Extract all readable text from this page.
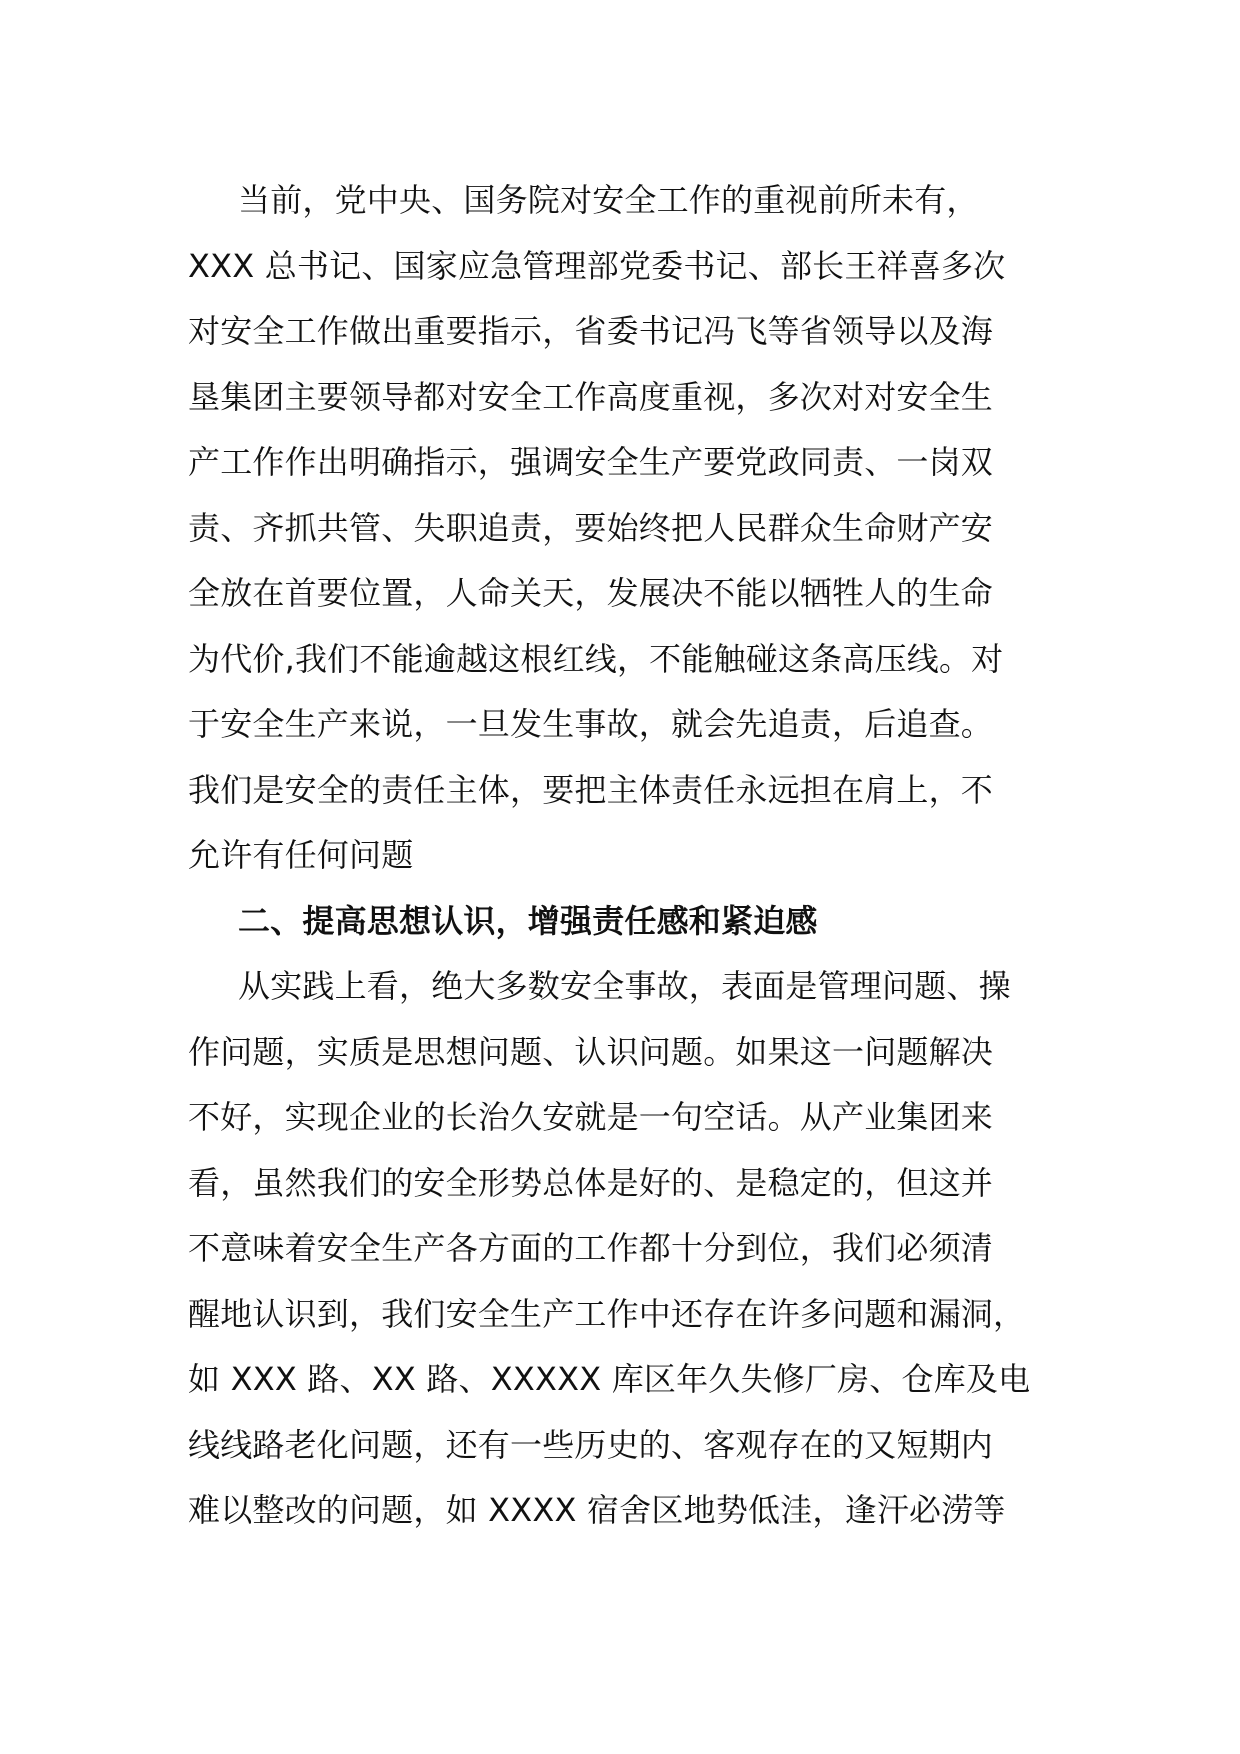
当前，党中央、国务院对安全工作的重视前所未有，
XXX 总书记、国家应急管理部党委书记、部长王祥喜多次
对安全工作做出重要指示，省委书记冯飞等省领导以及海
垦集团主要领导都对安全工作高度重视，多次对对安全生
产工作作出明确指示，强调安全生产要党政同责、一岗双
责、齐抓共管、失职追责，要始终把人民群众生命财产安
全放在首要位置，人命关天，发展决不能以牺牲人的生命
为代价,我们不能逾越这根红线，不能触碰这条高压线。对
于安全生产来说，一旦发生事故，就会先追责，后追查。
我们是安全的责任主体，要把主体责任永远担在肩上，不
允许有任何问题
二、提高思想认识，增强责任感和紧迫感
从实践上看，绝大多数安全事故，表面是管理问题、操
作问题，实质是思想问题、认识问题。如果这一问题解决
不好，实现企业的长治久安就是一句空话。从产业集团来
看，虽然我们的安全形势总体是好的、是稳定的，但这并
不意味着安全生产各方面的工作都十分到位，我们必须清
醒地认识到，我们安全生产工作中还存在许多问题和漏洞，
如 XXX 路、XX 路、XXXXX 库区年久失修厂房、仓库及电
线线路老化问题，还有一些历史的、客观存在的又短期内
难以整改的问题，如 XXXX 宿舍区地势低洼，逢汗必涝等
